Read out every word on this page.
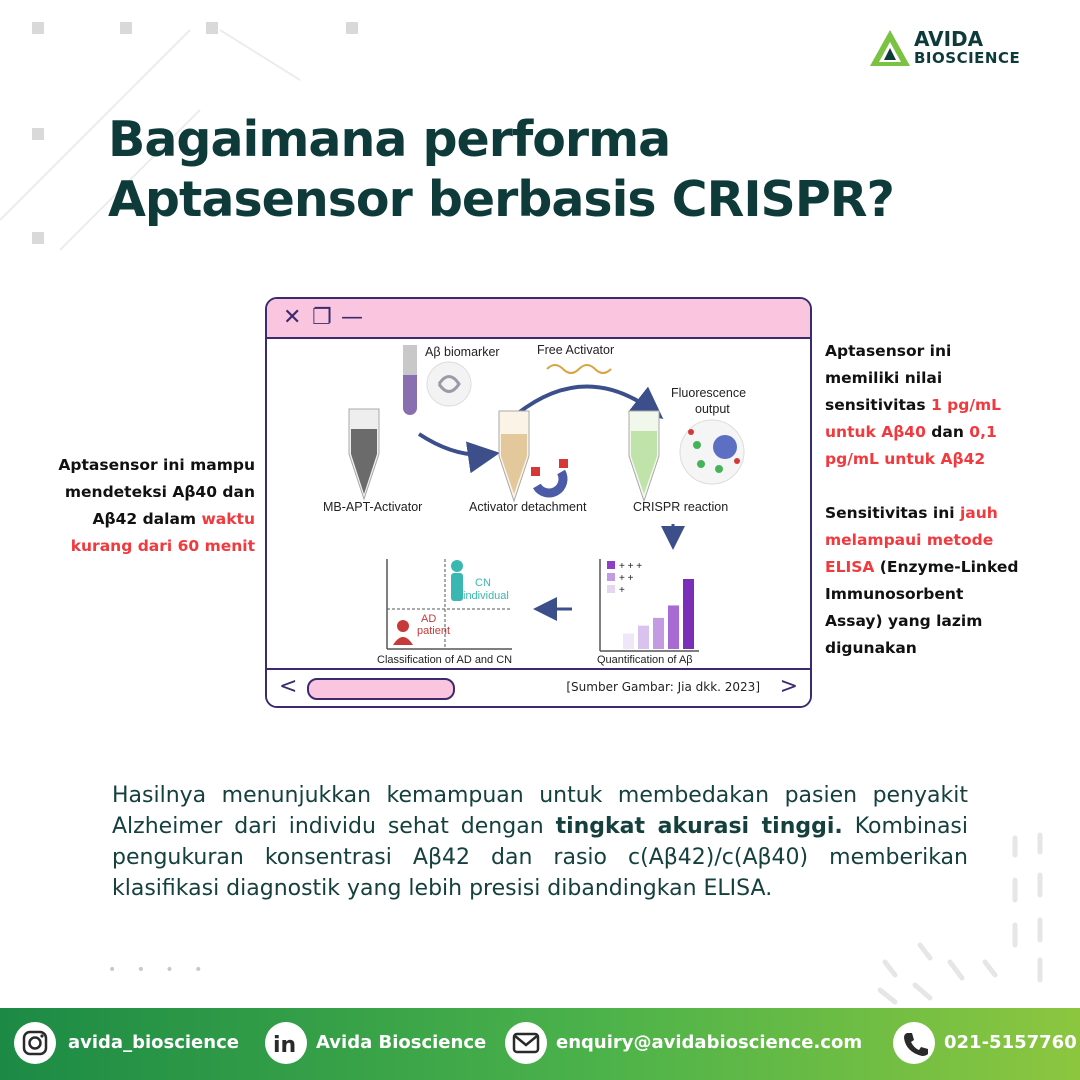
AVIDA
BIOSCIENCE
Bagaimana performa
Aptasensor berbasis CRISPR?
Aptasensor ini mampu
mendeteksi Aβ40 dan
Aβ42 dalam waktu
kurang dari 60 menit
✕ ❐ —
Aβ biomarker	Free Activator
Fluorescence
output
MB-APT-Activator	Activator detachment	CRISPR reaction
CN
individual
AD
patient
Classification of AD and CN
+ + +
+ +
+
Quantification of Aβ
<	[Sumber Gambar: Jia dkk. 2023] >
Aptasensor ini
memiliki nilai
sensitivitas 1 pg/mL
untuk Aβ40 dan 0,1
pg/mL untuk Aβ42
Sensitivitas ini jauh
melampaui metode
ELISA (Enzyme-Linked
Immunosorbent
Assay) yang lazim
digunakan
Hasilnya menunjukkan kemampuan untuk membedakan pasien penyakit Alzheimer dari individu sehat dengan tingkat akurasi tinggi. Kombinasi pengukuran konsentrasi Aβ42 dan rasio c(Aβ42)/c(Aβ40) memberikan klasifikasi diagnostik yang lebih presisi dibandingkan ELISA.
• • • •
avida_bioscience in Avida Bioscience	enquiry@avidabioscience.com	021-5157760
